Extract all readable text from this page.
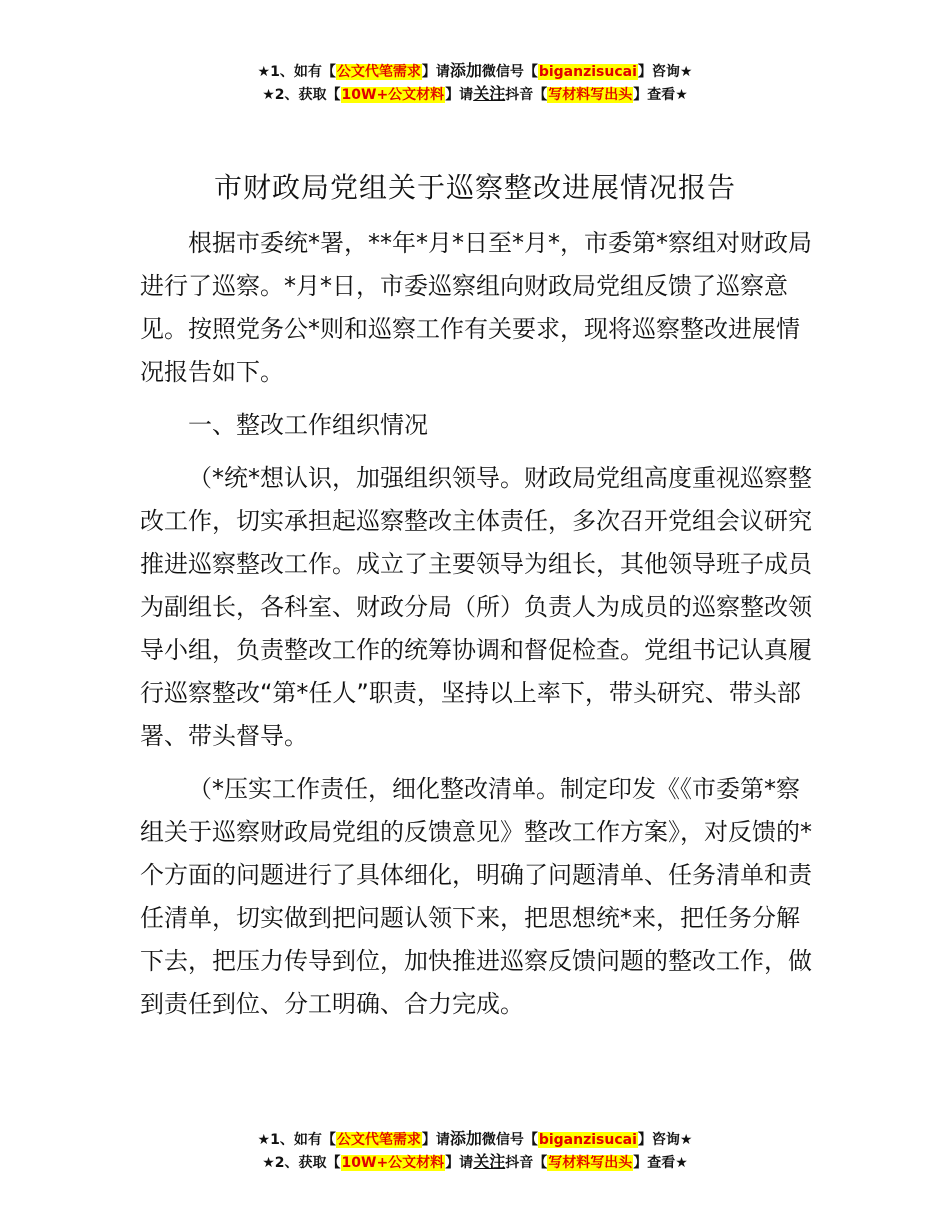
★1、如有【公文代笔需求】请添加微信号【biganzisucai】咨询★
★2、获取【10W+公文材料】请关注抖音【写材料写出头】查看★
市财政局党组关于巡察整改进展情况报告

根据市委统*署，**年*月*日至*月*，市委第*察组对财政局进行了巡察。*月*日，市委巡察组向财政局党组反馈了巡察意见。按照党务公*则和巡察工作有关要求，现将巡察整改进展情况报告如下。

一、整改工作组织情况

（*统*想认识，加强组织领导。财政局党组高度重视巡察整改工作，切实承担起巡察整改主体责任，多次召开党组会议研究推进巡察整改工作。成立了主要领导为组长，其他领导班子成员为副组长，各科室、财政分局（所）负责人为成员的巡察整改领导小组，负责整改工作的统筹协调和督促检查。党组书记认真履行巡察整改“第*任人”职责，坚持以上率下，带头研究、带头部署、带头督导。

（*压实工作责任，细化整改清单。制定印发《《市委第*察组关于巡察财政局党组的反馈意见》整改工作方案》，对反馈的*个方面的问题进行了具体细化，明确了问题清单、任务清单和责任清单，切实做到把问题认领下来，把思想统*来，把任务分解下去，把压力传导到位，加快推进巡察反馈问题的整改工作，做到责任到位、分工明确、合力完成。

★1、如有【公文代笔需求】请添加微信号【biganzisucai】咨询★
★2、获取【10W+公文材料】请关注抖音【写材料写出头】查看★
